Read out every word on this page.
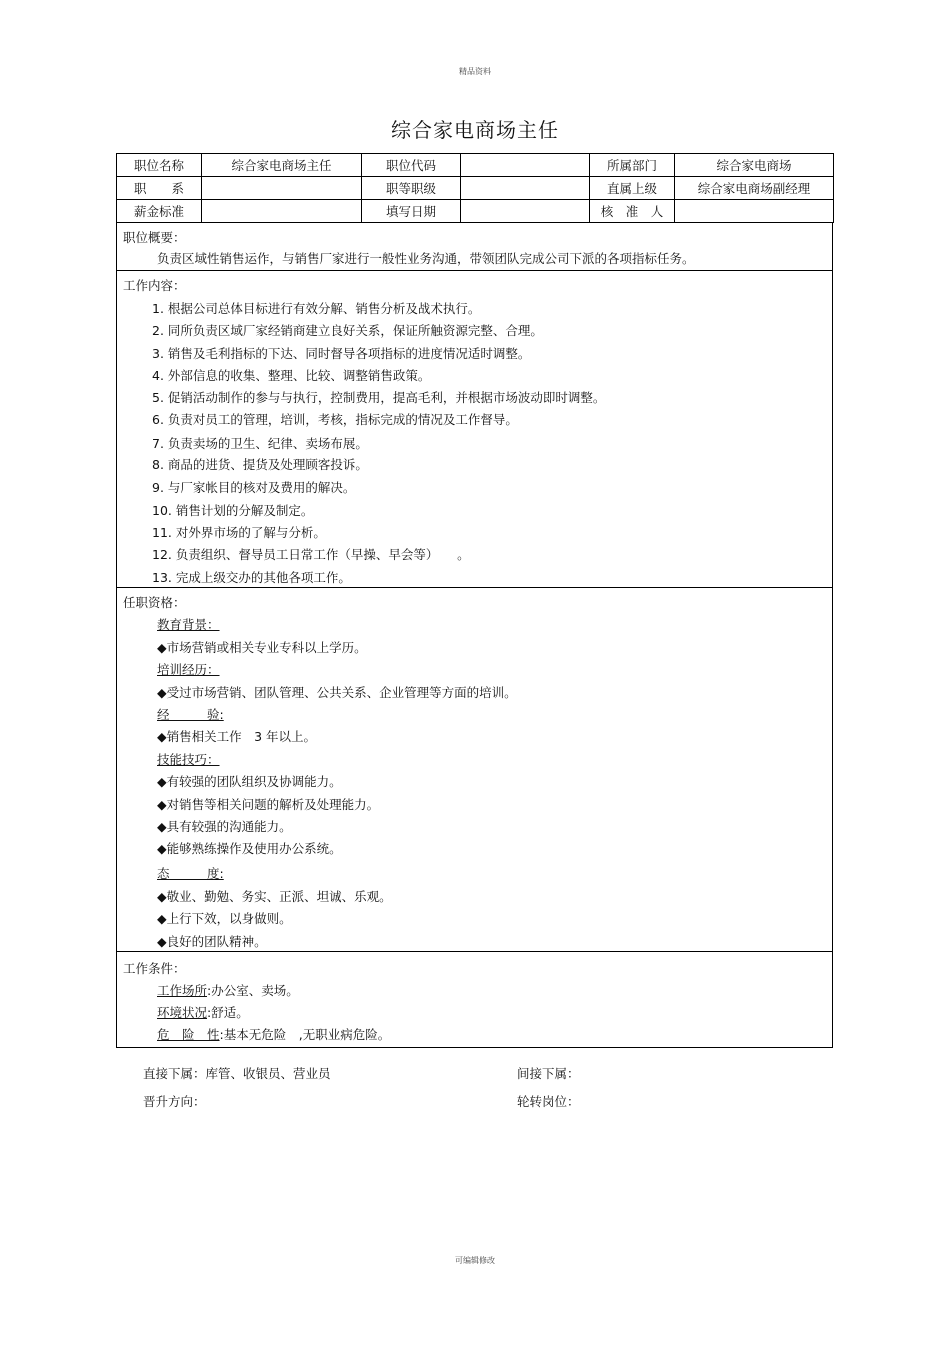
精品资料
综合家电商场主任
职位名称	综合家电商场主任	职位代码		所属部门	综合家电商场
职　　系		职等职级		直属上级	综合家电商场副经理
薪金标准		填写日期		核　准　人	
职位概要：
负责区域性销售运作，与销售厂家进行一般性业务沟通，带领团队完成公司下派的各项指标任务。
工作内容：
1. 根据公司总体目标进行有效分解、销售分析及战术执行。
2. 同所负责区域厂家经销商建立良好关系，保证所触资源完整、合理。
3. 销售及毛利指标的下达、同时督导各项指标的进度情况适时调整。
4. 外部信息的收集、整理、比较、调整销售政策。
5. 促销活动制作的参与与执行，控制费用，提高毛利，并根据市场波动即时调整。
6. 负责对员工的管理，培训，考核，指标完成的情况及工作督导。
7. 负责卖场的卫生、纪律、卖场布展。
8. 商品的进货、提货及处理顾客投诉。
9. 与厂家帐目的核对及费用的解决。
10. 销售计划的分解及制定。
11. 对外界市场的了解与分析。
12. 负责组织、督导员工日常工作（早操、早会等）　　。
13. 完成上级交办的其他各项工作。
任职资格：
教育背景：
◆市场营销或相关专业专科以上学历。
培训经历：
◆受过市场营销、团队管理、公共关系、企业管理等方面的培训。
经　　　验:
◆销售相关工作　3 年以上。
技能技巧：
◆有较强的团队组织及协调能力。
◆对销售等相关问题的解析及处理能力。
◆具有较强的沟通能力。
◆能够熟练操作及使用办公系统。
态　　　度:
◆敬业、勤勉、务实、正派、坦诚、乐观。
◆上行下效，以身做则。
◆良好的团队精神。
工作条件：
工作场所:办公室、卖场。
环境状况:舒适。
危　险　性:基本无危险　,无职业病危险。
直接下属：库管、收银员、营业员	间接下属：
晋升方向：	轮转岗位：
可编辑修改
